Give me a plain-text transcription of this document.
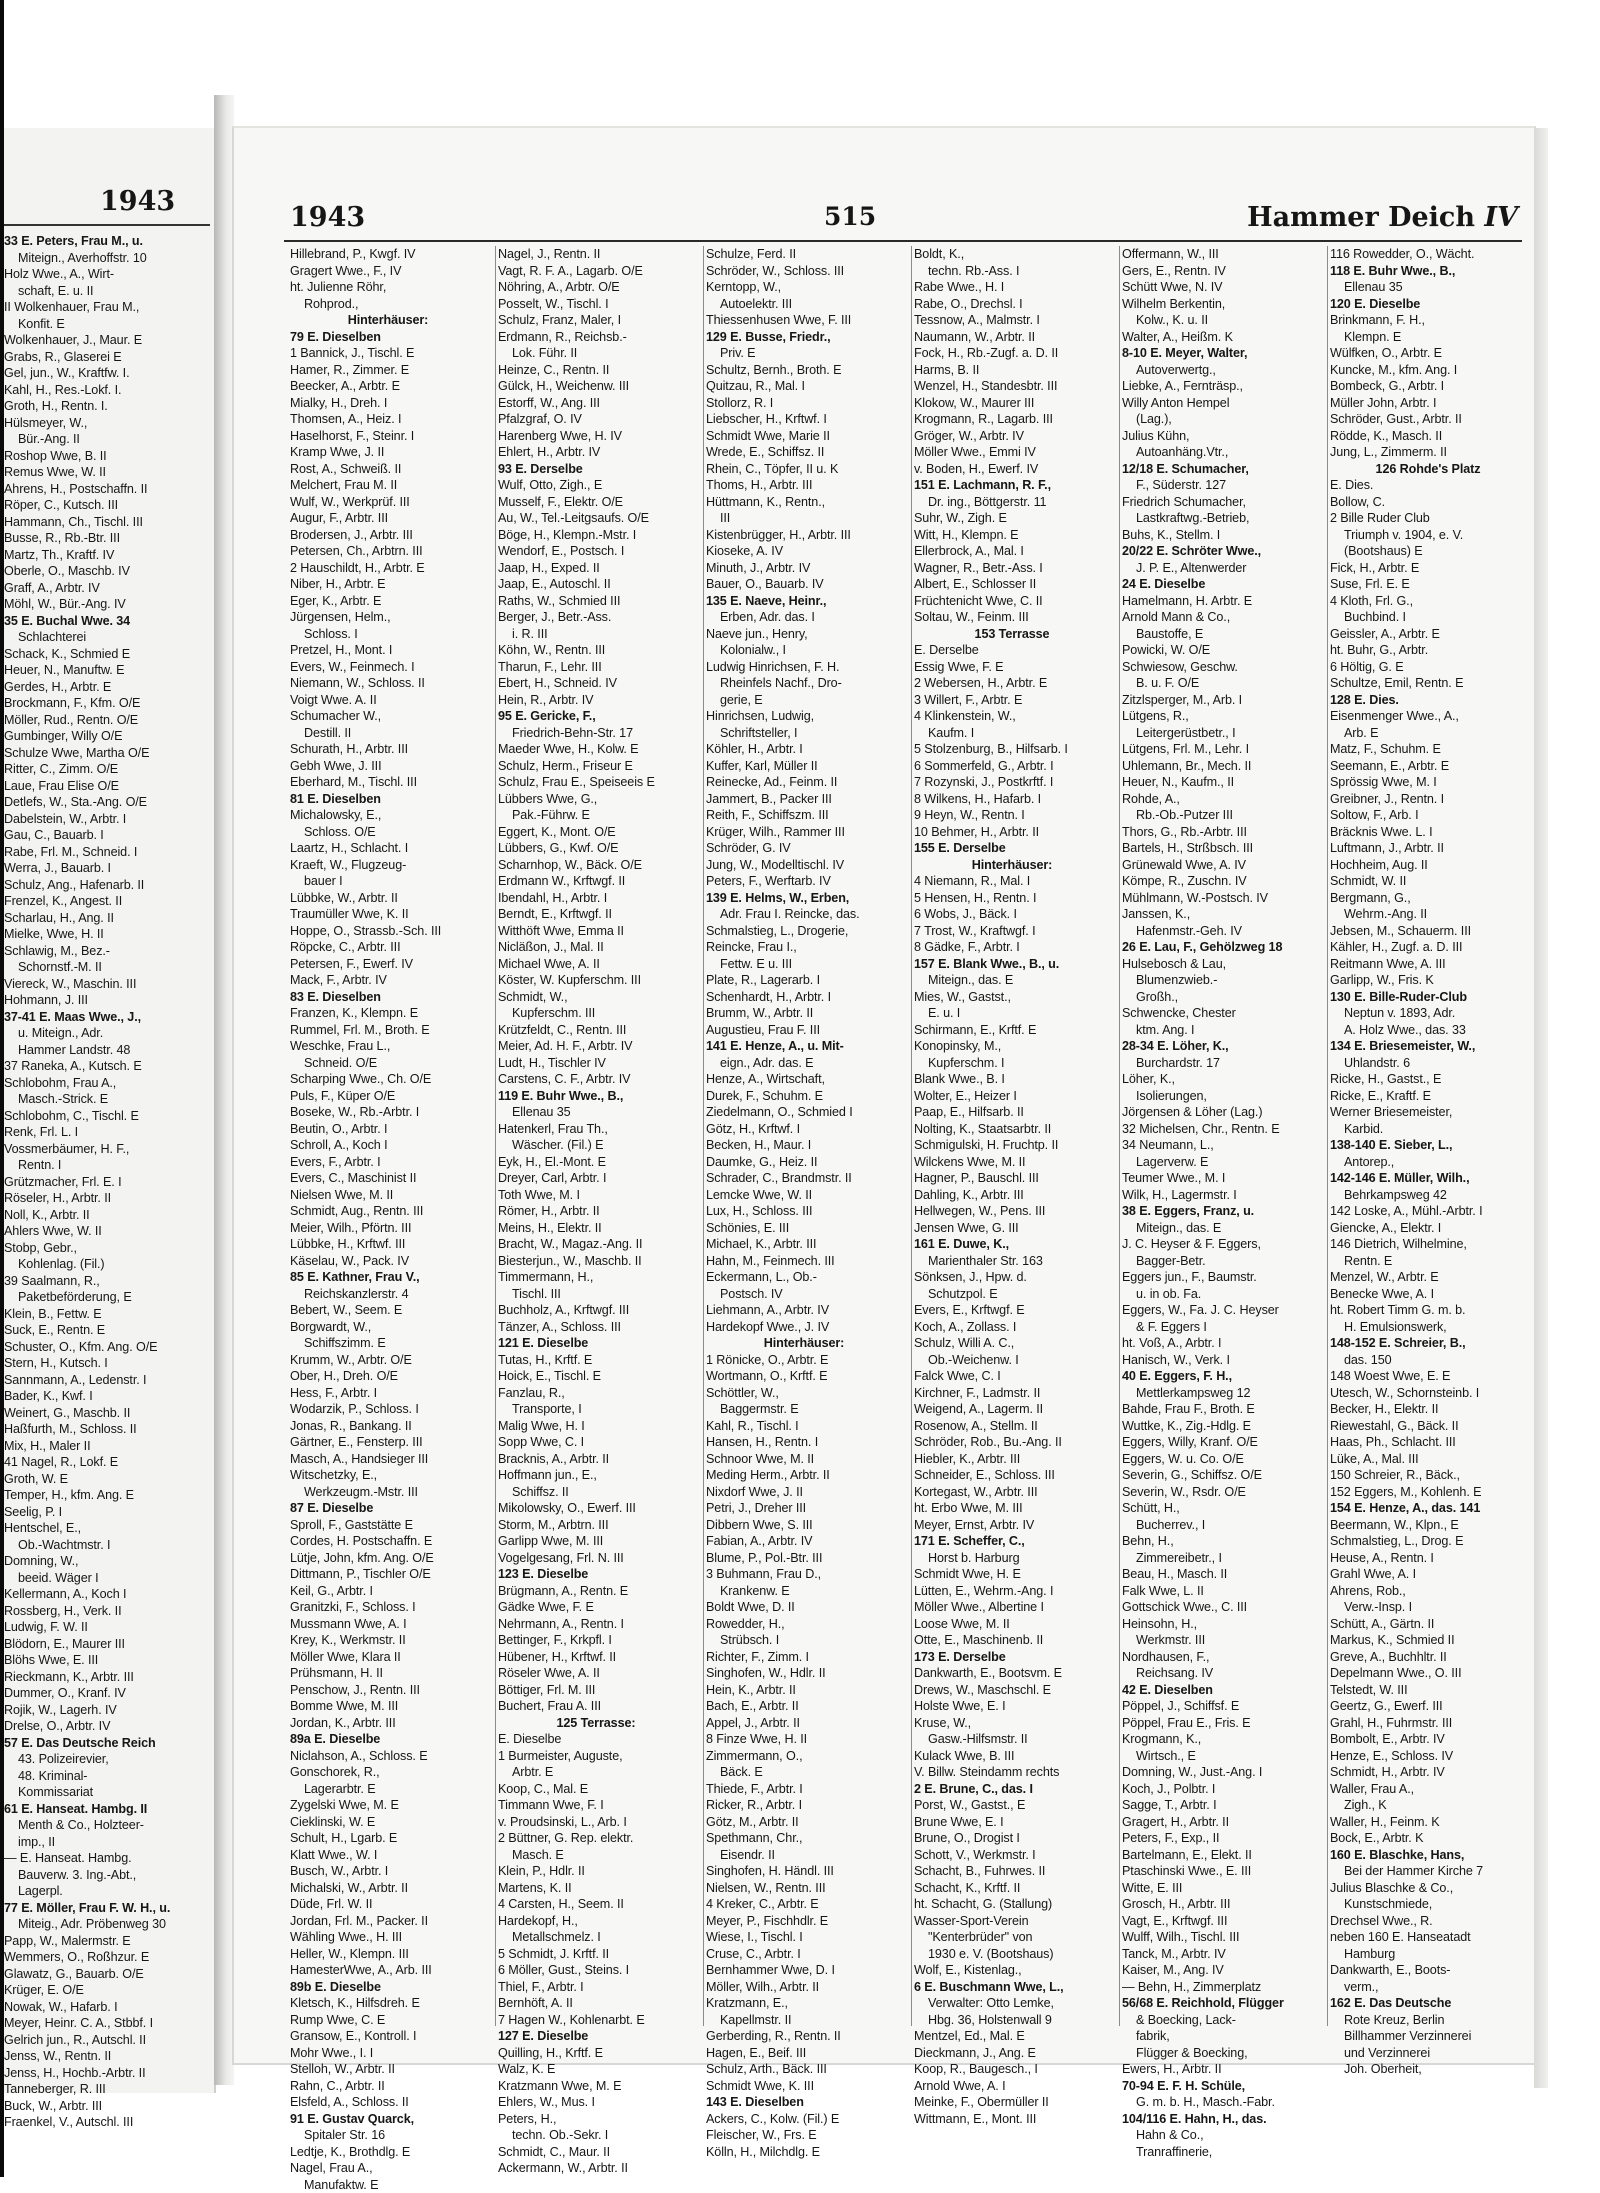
1943
33 E. Peters, Frau M., u.
Miteign., Averhoffstr. 10
Holz Wwe., A., Wirt-
schaft, E. u. II
II Wolkenhauer, Frau M.,
Konfit. E
Wolkenhauer, J., Maur. E
Grabs, R., Glaserei E
Gel, jun., W., Kraftfw. I.
Kahl, H., Res.-Lokf. I.
Groth, H., Rentn. I.
Hülsmeyer, W.,
Bür.-Ang. II
Roshop Wwe, B. II
Remus Wwe, W. II
Ahrens, H., Postschaffn. II
Röper, C., Kutsch. III
Hammann, Ch., Tischl. III
Busse, R., Rb.-Btr. III
Martz, Th., Kraftf. IV
Oberle, O., Maschb. IV
Graff, A., Arbtr. IV
Möhl, W., Bür.-Ang. IV
35 E. Buchal Wwe. 34
Schlachterei
Schack, K., Schmied E
Heuer, N., Manuftw. E
Gerdes, H., Arbtr. E
Brockmann, F., Kfm. O/E
Möller, Rud., Rentn. O/E
Gumbinger, Willy O/E
Schulze Wwe, Martha O/E
Ritter, C., Zimm. O/E
Laue, Frau Elise O/E
Detlefs, W., Sta.-Ang. O/E
Dabelstein, W., Arbtr. I
Gau, C., Bauarb. I
Rabe, Frl. M., Schneid. I
Werra, J., Bauarb. I
Schulz, Ang., Hafenarb. II
Frenzel, K., Angest. II
Scharlau, H., Ang. II
Mielke, Wwe, H. II
Schlawig, M., Bez.-
Schornstf.-M. II
Viereck, W., Maschin. III
Hohmann, J. III
37-41 E. Maas Wwe., J.,
u. Miteign., Adr.
Hammer Landstr. 48
37 Raneka, A., Kutsch. E
Schlobohm, Frau A.,
Masch.-Strick. E
Schlobohm, C., Tischl. E
Renk, Frl. L. I
Vossmerbäumer, H. F.,
Rentn. I
Grützmacher, Frl. E. I
Röseler, H., Arbtr. II
Noll, K., Arbtr. II
Ahlers Wwe, W. II
Stobp, Gebr.,
Kohlenlag. (Fil.)
39 Saalmann, R.,
Paketbeförderung, E
Klein, B., Fettw. E
Suck, E., Rentn. E
Schuster, O., Kfm. Ang. O/E
Stern, H., Kutsch. I
Sannmann, A., Ledenstr. I
Bader, K., Kwf. I
Weinert, G., Maschb. II
Haßfurth, M., Schloss. II
Mix, H., Maler II
41 Nagel, R., Lokf. E
Groth, W. E
Temper, H., kfm. Ang. E
Seelig, P. I
Hentschel, E.,
Ob.-Wachtmstr. I
Domning, W.,
beeid. Wäger I
Kellermann, A., Koch I
Rossberg, H., Verk. II
Ludwig, F. W. II
Blödorn, E., Maurer III
Blöhs Wwe, E. III
Rieckmann, K., Arbtr. III
Dummer, O., Kranf. IV
Rojik, W., Lagerh. IV
Drelse, O., Arbtr. IV
57 E. Das Deutsche Reich
43. Polizeirevier,
48. Kriminal-
Kommissariat
61 E. Hanseat. Hambg. II
Menth & Co., Holzteer-
imp., II
— E. Hanseat. Hambg.
Bauverw. 3. Ing.-Abt.,
Lagerpl.
77 E. Möller, Frau F. W. H., u.
Miteig., Adr. Pröbenweg 30
Papp, W., Malermstr. E
Wemmers, O., Roßhzur. E
Glawatz, G., Bauarb. O/E
Krüger, E. O/E
Nowak, W., Hafarb. I
Meyer, Heinr. C. A., Stbbf. I
Gelrich jun., R., Autschl. II
Jenss, W., Rentn. II
Jenss, H., Hochb.-Arbtr. II
Tanneberger, R. III
Buck, W., Arbtr. III
Fraenkel, V., Autschl. III
1943	515	Hammer Deich IV
Hillebrand, P., Kwgf. IV
Gragert Wwe., F., IV
ht. Julienne Röhr,
Rohprod.,
Hinterhäuser:
79 E. Dieselben
1 Bannick, J., Tischl. E
Hamer, R., Zimmer. E
Beecker, A., Arbtr. E
Mialky, H., Dreh. I
Thomsen, A., Heiz. I
Haselhorst, F., Steinr. I
Kramp Wwe, J. II
Rost, A., Schweiß. II
Melchert, Frau M. II
Wulf, W., Werkprüf. III
Augur, F., Arbtr. III
Brodersen, J., Arbtr. III
Petersen, Ch., Arbtrn. III
2 Hauschildt, H., Arbtr. E
Niber, H., Arbtr. E
Eger, K., Arbtr. E
Jürgensen, Helm.,
Schloss. I
Pretzel, H., Mont. I
Evers, W., Feinmech. I
Niemann, W., Schloss. II
Voigt Wwe. A. II
Schumacher W.,
Destill. II
Schurath, H., Arbtr. III
Gebh Wwe, J. III
Eberhard, M., Tischl. III
81 E. Dieselben
Michalowsky, E.,
Schloss. O/E
Laartz, H., Schlacht. I
Kraeft, W., Flugzeug-
bauer I
Lübbke, W., Arbtr. II
Traumüller Wwe, K. II
Hoppe, O., Strassb.-Sch. III
Röpcke, C., Arbtr. III
Petersen, F., Ewerf. IV
Mack, F., Arbtr. IV
83 E. Dieselben
Franzen, K., Klempn. E
Rummel, Frl. M., Broth. E
Weschke, Frau L.,
Schneid. O/E
Scharping Wwe., Ch. O/E
Puls, F., Küper O/E
Boseke, W., Rb.-Arbtr. I
Beutin, O., Arbtr. I
Schroll, A., Koch I
Evers, F., Arbtr. I
Evers, C., Maschinist II
Nielsen Wwe, M. II
Schmidt, Aug., Rentn. III
Meier, Wilh., Pförtn. III
Lübbke, H., Krftwf. III
Käselau, W., Pack. IV
85 E. Kathner, Frau V.,
Reichskanzlerstr. 4
Bebert, W., Seem. E
Borgwardt, W.,
Schiffszimm. E
Krumm, W., Arbtr. O/E
Ober, H., Dreh. O/E
Hess, F., Arbtr. I
Wodarzik, P., Schloss. I
Jonas, R., Bankang. II
Gärtner, E., Fensterp. III
Masch, A., Handsieger III
Witschetzky, E.,
Werkzeugm.-Mstr. III
87 E. Dieselbe
Sproll, F., Gaststätte E
Cordes, H. Postschaffn. E
Lütje, John, kfm. Ang. O/E
Dittmann, P., Tischler O/E
Keil, G., Arbtr. I
Granitzki, F., Schloss. I
Mussmann Wwe, A. I
Krey, K., Werkmstr. II
Möller Wwe, Klara II
Prühsmann, H. II
Penschow, J., Rentn. III
Bomme Wwe, M. III
Jordan, K., Arbtr. III
89a E. Dieselbe
Niclahson, A., Schloss. E
Gonschorek, R.,
Lagerarbtr. E
Zygelski Wwe, M. E
Cieklinski, W. E
Schult, H., Lgarb. E
Klatt Wwe., W. I
Busch, W., Arbtr. I
Michalski, W., Arbtr. II
Düde, Frl. W. II
Jordan, Frl. M., Packer. II
Wähling Wwe., H. III
Heller, W., Klempn. III
HamesterWwe, A., Arb. III
89b E. Dieselbe
Kletsch, K., Hilfsdreh. E
Rump Wwe, C. E
Gransow, E., Kontroll. I
Mohr Wwe., I. I
Stelloh, W., Arbtr. II
Rahn, C., Arbtr. II
Elsfeld, A., Schloss. II
91 E. Gustav Quarck,
Spitaler Str. 16
Ledtje, K., Brothdlg. E
Nagel, Frau A.,
Manufaktw. E
Nagel, J., Rentn. II
Vagt, R. F. A., Lagarb. O/E
Nöhring, A., Arbtr. O/E
Posselt, W., Tischl. I
Schulz, Franz, Maler, I
Erdmann, R., Reichsb.-
Lok. Führ. II
Heinze, C., Rentn. II
Gülck, H., Weichenw. III
Estorff, W., Ang. III
Pfalzgraf, O. IV
Harenberg Wwe, H. IV
Ehlert, H., Arbtr. IV
93 E. Derselbe
Wulf, Otto, Zigh., E
Musself, F., Elektr. O/E
Au, W., Tel.-Leitgsaufs. O/E
Böge, H., Klempn.-Mstr. I
Wendorf, E., Postsch. I
Jaap, H., Exped. II
Jaap, E., Autoschl. II
Raths, W., Schmied III
Berger, J., Betr.-Ass.
i. R. III
Köhn, W., Rentn. III
Tharun, F., Lehr. III
Ebert, H., Schneid. IV
Hein, R., Arbtr. IV
95 E. Gericke, F.,
Friedrich-Behn-Str. 17
Maeder Wwe, H., Kolw. E
Schulz, Herm., Friseur E
Schulz, Frau E., Speiseeis E
Lübbers Wwe, G.,
Pak.-Führw. E
Eggert, K., Mont. O/E
Lübbers, G., Kwf. O/E
Scharnhop, W., Bäck. O/E
Erdmann W., Krftwgf. II
Ibendahl, H., Arbtr. I
Berndt, E., Krftwgf. II
Witthöft Wwe, Emma II
Nicläßon, J., Mal. II
Michael Wwe, A. II
Köster, W. Kupferschm. III
Schmidt, W.,
Kupferschm. III
Krützfeldt, C., Rentn. III
Meier, Ad. H. F., Arbtr. IV
Ludt, H., Tischler IV
Carstens, C. F., Arbtr. IV
119 E. Buhr Wwe., B.,
Ellenau 35
Hatenkerl, Frau Th.,
Wäscher. (Fil.) E
Eyk, H., El.-Mont. E
Dreyer, Carl, Arbtr. I
Toth Wwe, M. I
Römer, H., Arbtr. II
Meins, H., Elektr. II
Bracht, W., Magaz.-Ang. II
Biesterjun., W., Maschb. II
Timmermann, H.,
Tischl. III
Buchholz, A., Krftwgf. III
Tänzer, A., Schloss. III
121 E. Dieselbe
Tutas, H., Krftf. E
Hoick, E., Tischl. E
Fanzlau, R.,
Transporte, I
Malig Wwe, H. I
Sopp Wwe, C. I
Bracknis, A., Arbtr. II
Hoffmann jun., E.,
Schiffsz. II
Mikolowsky, O., Ewerf. III
Storm, M., Arbtrn. III
Garlipp Wwe, M. III
Vogelgesang, Frl. N. III
123 E. Dieselbe
Brügmann, A., Rentn. E
Gädke Wwe, F. E
Nehrmann, A., Rentn. I
Bettinger, F., Krkpfl. I
Hübener, H., Krftwf. II
Röseler Wwe, A. II
Böttiger, Frl. M. III
Buchert, Frau A. III
125 Terrasse:
E. Dieselbe
1 Burmeister, Auguste,
Arbtr. E
Koop, C., Mal. E
Timmann Wwe, F. I
v. Proudsinski, L., Arb. I
2 Büttner, G. Rep. elektr.
Masch. E
Klein, P., Hdlr. II
Martens, K. II
4 Carsten, H., Seem. II
Hardekopf, H.,
Metallschmelz. I
5 Schmidt, J. Krftf. II
6 Möller, Gust., Steins. I
Thiel, F., Arbtr. I
Bernhöft, A. II
7 Hagen W., Kohlenarbt. E
127 E. Dieselbe
Quilling, H., Krftf. E
Walz, K. E
Kratzmann Wwe, M. E
Ehlers, W., Mus. I
Peters, H.,
techn. Ob.-Sekr. I
Schmidt, C., Maur. II
Ackermann, W., Arbtr. II
Schulze, Ferd. II
Schröder, W., Schloss. III
Kerntopp, W.,
Autoelektr. III
Thiessenhusen Wwe, F. III
129 E. Busse, Friedr.,
Priv. E
Schultz, Bernh., Broth. E
Quitzau, R., Mal. I
Stollorz, R. I
Liebscher, H., Krftwf. I
Schmidt Wwe, Marie II
Wrede, E., Schiffsz. II
Rhein, C., Töpfer, II u. K
Thoms, H., Arbtr. III
Hüttmann, K., Rentn.,
III
Kistenbrügger, H., Arbtr. III
Kioseke, A. IV
Minuth, J., Arbtr. IV
Bauer, O., Bauarb. IV
135 E. Naeve, Heinr.,
Erben, Adr. das. I
Naeve jun., Henry,
Kolonialw., I
Ludwig Hinrichsen, F. H.
Rheinfels Nachf., Dro-
gerie, E
Hinrichsen, Ludwig,
Schriftsteller, I
Köhler, H., Arbtr. I
Kuffer, Karl, Müller II
Reinecke, Ad., Feinm. II
Jammert, B., Packer III
Reith, F., Schiffszm. III
Krüger, Wilh., Rammer III
Schröder, G. IV
Jung, W., Modelltischl. IV
Peters, F., Werftarb. IV
139 E. Helms, W., Erben,
Adr. Frau I. Reincke, das.
Schmalstieg, L., Drogerie,
Reincke, Frau I.,
Fettw. E u. III
Plate, R., Lagerarb. I
Schenhardt, H., Arbtr. I
Brumm, W., Arbtr. II
Augustieu, Frau F. III
141 E. Henze, A., u. Mit-
eign., Adr. das. E
Henze, A., Wirtschaft,
Durek, F., Schuhm. E
Ziedelmann, O., Schmied I
Götz, H., Krftwf. I
Becken, H., Maur. I
Daumke, G., Heiz. II
Schrader, C., Brandmstr. II
Lemcke Wwe, W. II
Lux, H., Schloss. III
Schönies, E. III
Michael, K., Arbtr. III
Hahn, M., Feinmech. III
Eckermann, L., Ob.-
Postsch. IV
Liehmann, A., Arbtr. IV
Hardekopf Wwe., J. IV
Hinterhäuser:
1 Rönicke, O., Arbtr. E
Wortmann, O., Krftf. E
Schöttler, W.,
Baggermstr. E
Kahl, R., Tischl. I
Hansen, H., Rentn. I
Schnoor Wwe, M. II
Meding Herm., Arbtr. II
Nixdorf Wwe, J. II
Petri, J., Dreher III
Dibbern Wwe, S. III
Fabian, A., Arbtr. IV
Blume, P., Pol.-Btr. III
3 Buhmann, Frau D.,
Krankenw. E
Boldt Wwe, D. II
Rowedder, H.,
Strübsch. I
Richter, F., Zimm. I
Singhofen, W., Hdlr. II
Hein, K., Arbtr. II
Bach, E., Arbtr. II
Appel, J., Arbtr. II
8 Finze Wwe, H. II
Zimmermann, O.,
Bäck. E
Thiede, F., Arbtr. I
Ricker, R., Arbtr. I
Götz, M., Arbtr. II
Spethmann, Chr.,
Eisendr. II
Singhofen, H. Händl. III
Nielsen, W., Rentn. III
4 Kreker, C., Arbtr. E
Meyer, P., Fischhdlr. E
Wiese, I., Tischl. I
Cruse, C., Arbtr. I
Bernhammer Wwe, D. I
Möller, Wilh., Arbtr. II
Kratzmann, E.,
Kapellmstr. II
Gerberding, R., Rentn. II
Hagen, E., Beif. III
Schulz, Arth., Bäck. III
Schmidt Wwe, K. III
143 E. Dieselben
Ackers, C., Kolw. (Fil.) E
Fleischer, W., Frs. E
Kölln, H., Milchdlg. E
Boldt, K.,
techn. Rb.-Ass. I
Rabe Wwe., H. I
Rabe, O., Drechsl. I
Tessnow, A., Malmstr. I
Naumann, W., Arbtr. II
Fock, H., Rb.-Zugf. a. D. II
Harms, B. II
Wenzel, H., Standesbtr. III
Klokow, W., Maurer III
Krogmann, R., Lagarb. III
Gröger, W., Arbtr. IV
Möller Wwe., Emmi IV
v. Boden, H., Ewerf. IV
151 E. Lachmann, R. F.,
Dr. ing., Böttgerstr. 11
Suhr, W., Zigh. E
Witt, H., Klempn. E
Ellerbrock, A., Mal. I
Wagner, R., Betr.-Ass. I
Albert, E., Schlosser II
Früchtenicht Wwe, C. II
Soltau, W., Feinm. III
153 Terrasse
E. Derselbe
Essig Wwe, F. E
2 Webersen, H., Arbtr. E
3 Willert, F., Arbtr. E
4 Klinkenstein, W.,
Kaufm. I
5 Stolzenburg, B., Hilfsarb. I
6 Sommerfeld, G., Arbtr. I
7 Rozynski, J., Postkrftf. I
8 Wilkens, H., Hafarb. I
9 Heyn, W., Rentn. I
10 Behmer, H., Arbtr. II
155 E. Derselbe
Hinterhäuser:
4 Niemann, R., Mal. I
5 Hensen, H., Rentn. I
6 Wobs, J., Bäck. I
7 Trost, W., Kraftwgf. I
8 Gädke, F., Arbtr. I
157 E. Blank Wwe., B., u.
Miteign., das. E
Mies, W., Gastst.,
E. u. I
Schirmann, E., Krftf. E
Konopinsky, M.,
Kupferschm. I
Blank Wwe., B. I
Wolter, E., Heizer I
Paap, E., Hilfsarb. II
Nolting, K., Staatsarbtr. II
Schmigulski, H. Fruchtp. II
Wilckens Wwe, M. II
Hagner, P., Bauschl. III
Dahling, K., Arbtr. III
Hellwegen, W., Pens. III
Jensen Wwe, G. III
161 E. Duwe, K.,
Marienthaler Str. 163
Sönksen, J., Hpw. d.
Schutzpol. E
Evers, E., Krftwgf. E
Koch, A., Zollass. I
Schulz, Willi A. C.,
Ob.-Weichenw. I
Falck Wwe, C. I
Kirchner, F., Ladmstr. II
Weigend, A., Lagerm. II
Rosenow, A., Stellm. II
Schröder, Rob., Bu.-Ang. II
Hiebler, K., Arbtr. III
Schneider, E., Schloss. III
Kortegast, W., Arbtr. III
ht. Erbo Wwe, M. III
Meyer, Ernst, Arbtr. IV
171 E. Scheffer, C.,
Horst b. Harburg
Schmidt Wwe, H. E
Lütten, E., Wehrm.-Ang. I
Möller Wwe., Albertine I
Loose Wwe, M. II
Otte, E., Maschinenb. II
173 E. Derselbe
Dankwarth, E., Bootsvm. E
Drews, W., Maschschl. E
Holste Wwe, E. I
Kruse, W.,
Gasw.-Hilfsmstr. II
Kulack Wwe, B. III
V. Billw. Steindamm rechts
2 E. Brune, C., das. I
Porst, W., Gastst., E
Brune Wwe, E. I
Brune, O., Drogist I
Schott, V., Werkmstr. I
Schacht, B., Fuhrwes. II
Schacht, K., Krftf. II
ht. Schacht, G. (Stallung)
Wasser-Sport-Verein
"Kenterbrüder" von
1930 e. V. (Bootshaus)
Wolf, E., Kistenlag.,
6 E. Buschmann Wwe, L.,
Verwalter: Otto Lemke,
Hbg. 36, Holstenwall 9
Mentzel, Ed., Mal. E
Dieckmann, J., Ang. E
Koop, R., Baugesch., I
Arnold Wwe, A. I
Meinke, F., Obermüller II
Wittmann, E., Mont. III
Offermann, W., III
Gers, E., Rentn. IV
Schütt Wwe, N. IV
Wilhelm Berkentin,
Kolw., K. u. II
Walter, A., Heißm. K
8-10 E. Meyer, Walter,
Autoverwertg.,
Liebke, A., Fernträsp.,
Willy Anton Hempel
(Lag.),
Julius Kühn,
Autoanhäng.Vtr.,
12/18 E. Schumacher,
F., Süderstr. 127
Friedrich Schumacher,
Lastkraftwg.-Betrieb,
Buhs, K., Stellm. I
20/22 E. Schröter Wwe.,
J. P. E., Altenwerder
24 E. Dieselbe
Hamelmann, H. Arbtr. E
Arnold Mann & Co.,
Baustoffe, E
Powicki, W. O/E
Schwiesow, Geschw.
B. u. F. O/E
Zitzlsperger, M., Arb. I
Lütgens, R.,
Leitergerüstbetr., I
Lütgens, Frl. M., Lehr. I
Uhlemann, Br., Mech. II
Heuer, N., Kaufm., II
Rohde, A.,
Rb.-Ob.-Putzer III
Thors, G., Rb.-Arbtr. III
Bartels, H., Strßbsch. III
Grünewald Wwe, A. IV
Kömpe, R., Zuschn. IV
Mühlmann, W.-Postsch. IV
Janssen, K.,
Hafenmstr.-Geh. IV
26 E. Lau, F., Gehölzweg 18
Hulsebosch & Lau,
Blumenzwieb.-
Großh.,
Schwencke, Chester
ktm. Ang. I
28-34 E. Löher, K.,
Burchardstr. 17
Löher, K.,
Isolierungen,
Jörgensen & Löher (Lag.)
32 Michelsen, Chr., Rentn. E
34 Neumann, L.,
Lagerverw. E
Teumer Wwe., M. I
Wilk, H., Lagermstr. I
38 E. Eggers, Franz, u.
Miteign., das. E
J. C. Heyser & F. Eggers,
Bagger-Betr.
Eggers jun., F., Baumstr.
u. in ob. Fa.
Eggers, W., Fa. J. C. Heyser
& F. Eggers I
ht. Voß, A., Arbtr. I
Hanisch, W., Verk. I
40 E. Eggers, F. H.,
Mettlerkampsweg 12
Bahde, Frau F., Broth. E
Wuttke, K., Zig.-Hdlg. E
Eggers, Willy, Kranf. O/E
Eggers, W. u. Co. O/E
Severin, G., Schiffsz. O/E
Severin, W., Rsdr. O/E
Schütt, H.,
Bucherrev., I
Behn, H.,
Zimmereibetr., I
Beau, H., Masch. II
Falk Wwe, L. II
Gottschick Wwe., C. III
Heinsohn, H.,
Werkmstr. III
Nordhausen, F.,
Reichsang. IV
42 E. Dieselben
Pöppel, J., Schiffsf. E
Pöppel, Frau E., Fris. E
Krogmann, K.,
Wirtsch., E
Domning, W., Just.-Ang. I
Koch, J., Polbtr. I
Sagge, T., Arbtr. I
Gragert, H., Arbtr. II
Peters, F., Exp., II
Bartelmann, E., Elekt. II
Ptaschinski Wwe., E. III
Witte, E. III
Grosch, H., Arbtr. III
Vagt, E., Krftwgf. III
Wulff, Wilh., Tischl. III
Tanck, M., Arbtr. IV
Kaiser, M., Ang. IV
— Behn, H., Zimmerplatz
56/68 E. Reichhold, Flügger
& Boecking, Lack-
fabrik,
Flügger & Boecking,
Ewers, H., Arbtr. II
70-94 E. F. H. Schüle,
G. m. b. H., Masch.-Fabr.
104/116 E. Hahn, H., das.
Hahn & Co.,
Tranraffinerie,
116 Rowedder, O., Wächt.
118 E. Buhr Wwe., B.,
Ellenau 35
120 E. Dieselbe
Brinkmann, F. H.,
Klempn. E
Wülfken, O., Arbtr. E
Kuncke, M., kfm. Ang. I
Bombeck, G., Arbtr. I
Müller John, Arbtr. I
Schröder, Gust., Arbtr. II
Rödde, K., Masch. II
Jung, L., Zimmerm. II
126 Rohde's Platz
E. Dies.
Bollow, C.
2 Bille Ruder Club
Triumph v. 1904, e. V.
(Bootshaus) E
Fick, H., Arbtr. E
Suse, Frl. E. E
4 Kloth, Frl. G.,
Buchbind. I
Geissler, A., Arbtr. E
ht. Buhr, G., Arbtr.
6 Höltig, G. E
Schultze, Emil, Rentn. E
128 E. Dies.
Eisenmenger Wwe., A.,
Arb. E
Matz, F., Schuhm. E
Seemann, E., Arbtr. E
Sprössig Wwe, M. I
Greibner, J., Rentn. I
Soltow, F., Arb. I
Bräcknis Wwe. L. I
Luftmann, J., Arbtr. II
Hochheim, Aug. II
Schmidt, W. II
Bergmann, G.,
Wehrm.-Ang. II
Jebsen, M., Schauerm. III
Kähler, H., Zugf. a. D. III
Reitmann Wwe, A. III
Garlipp, W., Fris. K
130 E. Bille-Ruder-Club
Neptun v. 1893, Adr.
A. Holz Wwe., das. 33
134 E. Briesemeister, W.,
Uhlandstr. 6
Ricke, H., Gastst., E
Ricke, E., Kraftf. E
Werner Briesemeister,
Karbid.
138-140 E. Sieber, L.,
Antorep.,
142-146 E. Müller, Wilh.,
Behrkampsweg 42
142 Loske, A., Mühl.-Arbtr. I
Giencke, A., Elektr. I
146 Dietrich, Wilhelmine,
Rentn. E
Menzel, W., Arbtr. E
Benecke Wwe, A. I
ht. Robert Timm G. m. b.
H. Emulsionswerk,
148-152 E. Schreier, B.,
das. 150
148 Woest Wwe, E. E
Utesch, W., Schornsteinb. I
Becker, H., Elektr. II
Riewestahl, G., Bäck. II
Haas, Ph., Schlacht. III
Lüke, A., Mal. III
150 Schreier, R., Bäck.,
152 Eggers, M., Kohlenh. E
154 E. Henze, A., das. 141
Beermann, W., Klpn., E
Schmalstieg, L., Drog. E
Heuse, A., Rentn. I
Grahl Wwe, A. I
Ahrens, Rob.,
Verw.-Insp. I
Schütt, A., Gärtn. II
Markus, K., Schmied II
Greve, A., Buchhltr. II
Depelmann Wwe., O. III
Telstedt, W. III
Geertz, G., Ewerf. III
Grahl, H., Fuhrmstr. III
Bombolt, E., Arbtr. IV
Henze, E., Schloss. IV
Schmidt, H., Arbtr. IV
Waller, Frau A.,
Zigh., K
Waller, H., Feinm. K
Bock, E., Arbtr. K
160 E. Blaschke, Hans,
Bei der Hammer Kirche 7
Julius Blaschke & Co.,
Kunstschmiede,
Drechsel Wwe., R.
neben 160 E. Hanseatadt
Hamburg
Dankwarth, E., Boots-
verm.,
162 E. Das Deutsche
Rote Kreuz, Berlin
Billhammer Verzinnerei
und Verzinnerei
Joh. Oberheit,
